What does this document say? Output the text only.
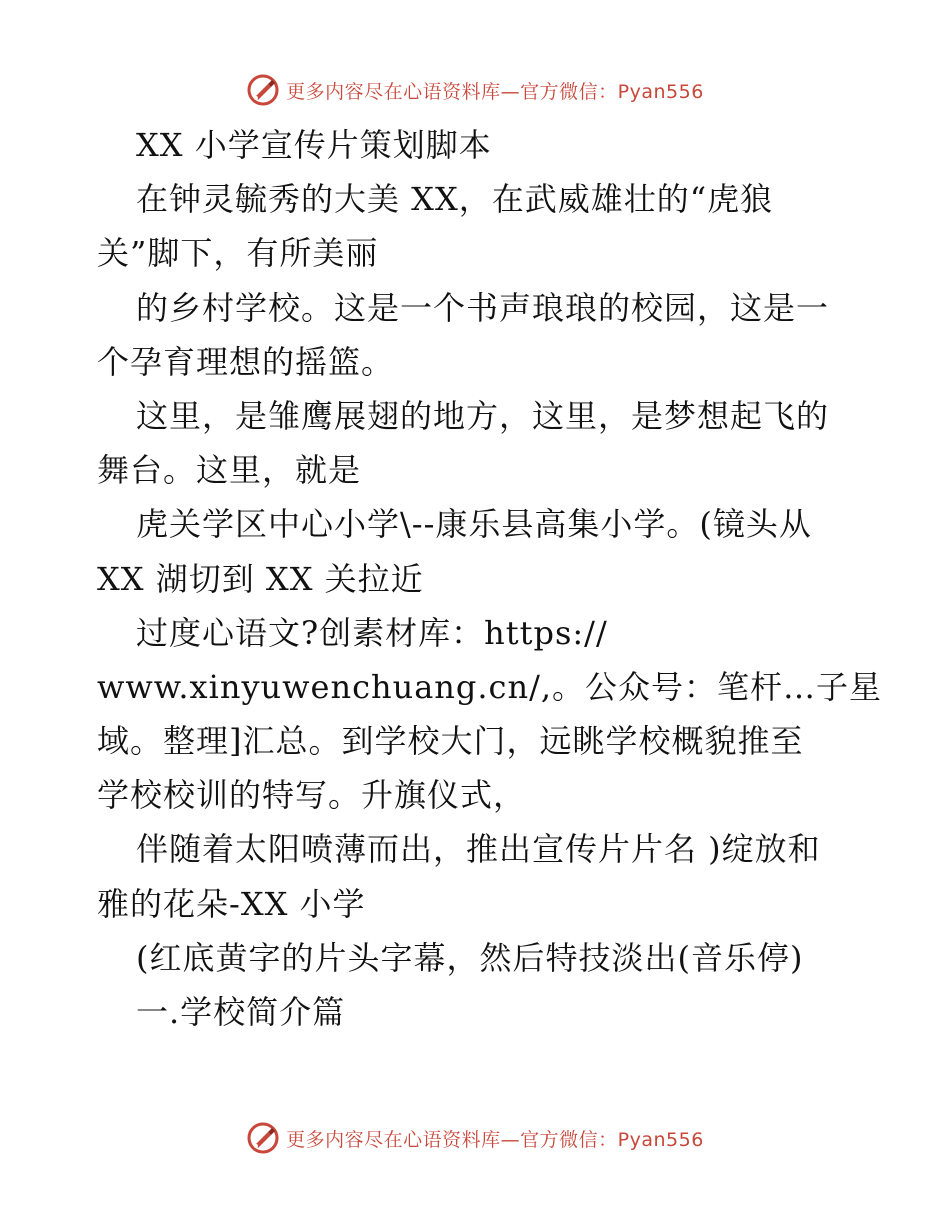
更多内容尽在心语资料库—官方微信：Pyan556
XX 小学宣传片策划脚本
在钟灵毓秀的大美 XX，在武威雄壮的“虎狼
关”脚下，有所美丽
的乡村学校。这是一个书声琅琅的校园，这是一
个孕育理想的摇篮。
这里，是雏鹰展翅的地方，这里，是梦想起飞的
舞台。这里，就是
虎关学区中心小学\--康乐县高集小学。(镜头从
XX 湖切到 XX 关拉近
过度心语文?创素材库：https://
www.xinyuwenchuang.cn/,。公众号：笔杆…子星
域。整理]汇总。到学校大门，远眺学校概貌推至
学校校训的特写。升旗仪式，
伴随着太阳喷薄而出，推出宣传片片名 )绽放和
雅的花朵-XX 小学
(红底黄字的片头字幕，然后特技淡出(音乐停)
一.学校简介篇
更多内容尽在心语资料库—官方微信：Pyan556
